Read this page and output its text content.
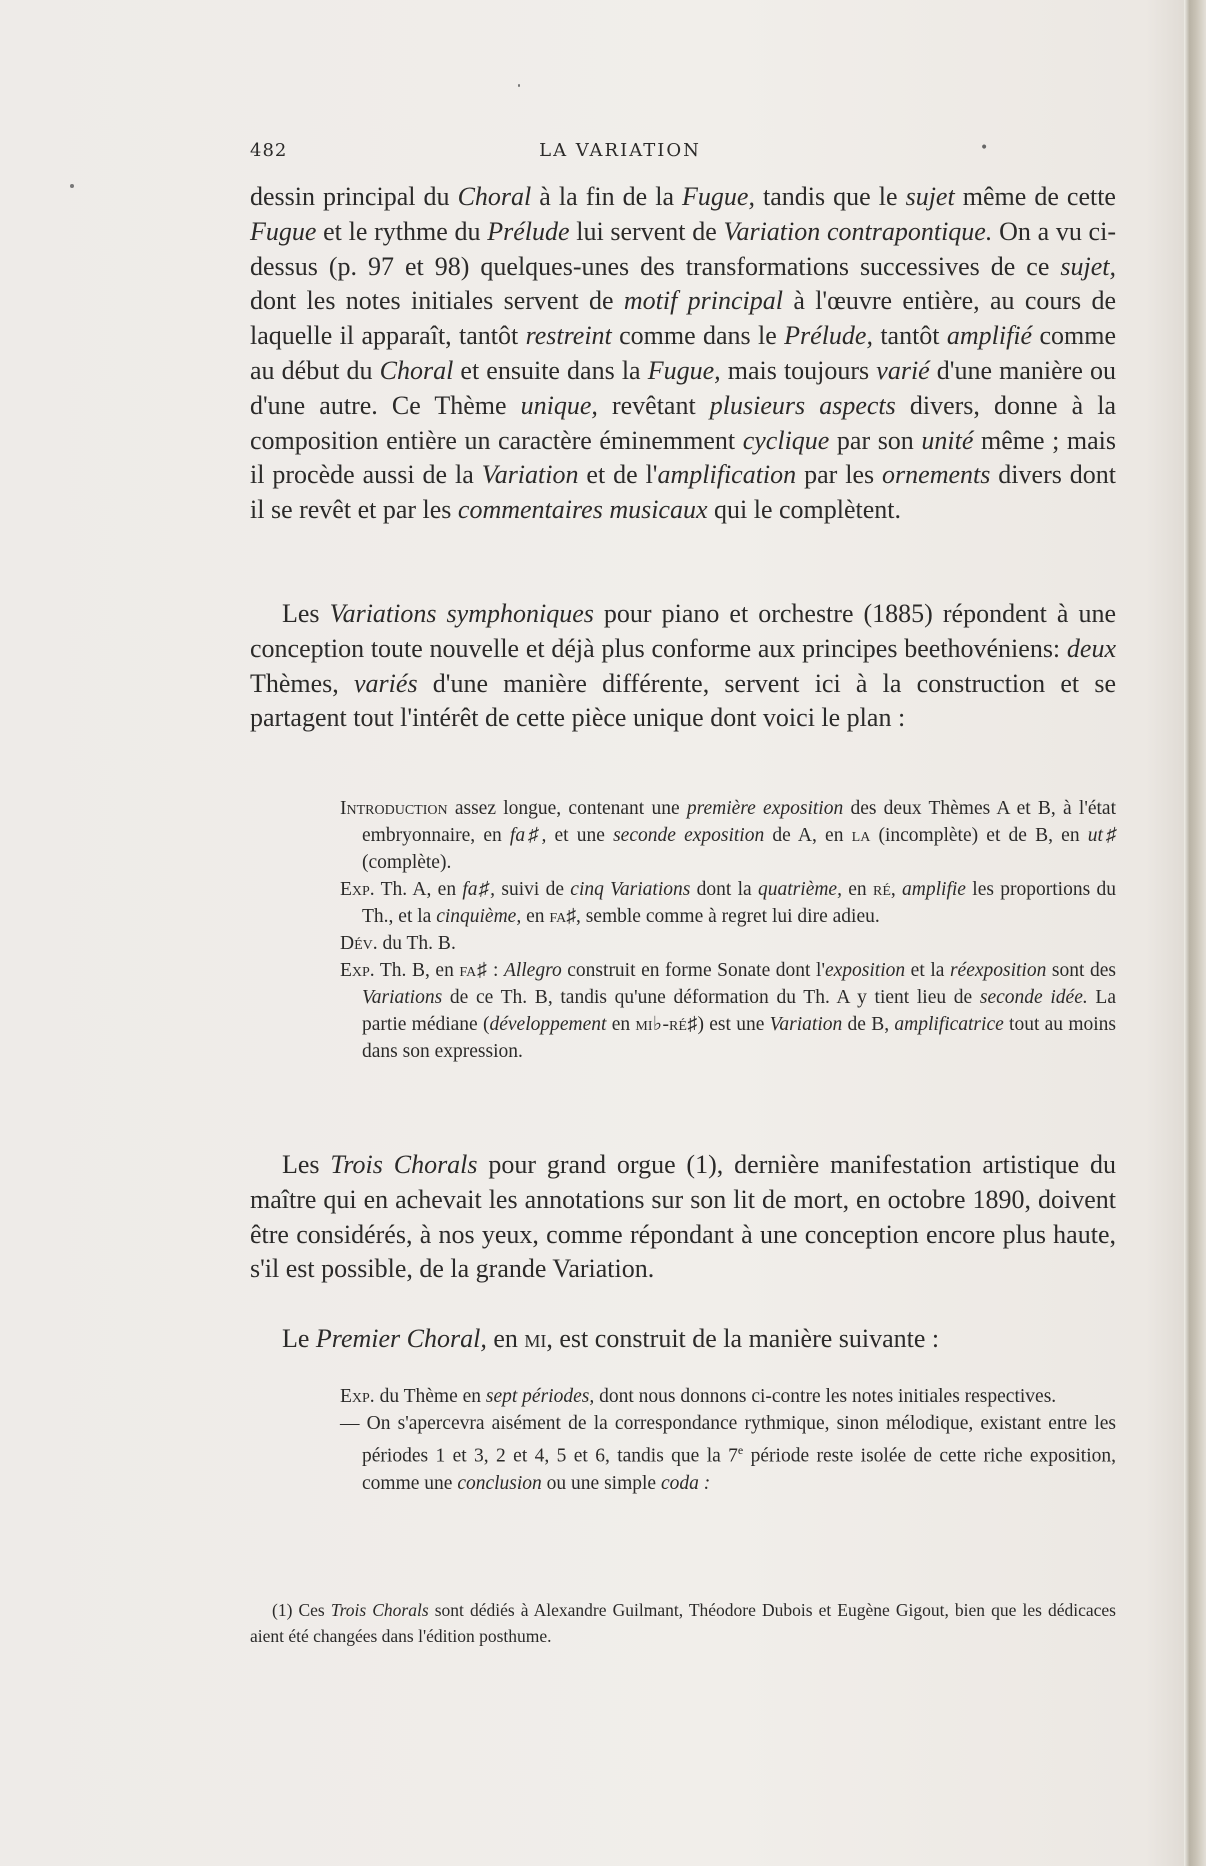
482	LA VARIATION	•

dessin principal du Choral à la fin de la Fugue, tandis que le sujet même de cette Fugue et le rythme du Prélude lui servent de Variation contrapontique. On a vu ci-dessus (p. 97 et 98) quelques-unes des transformations successives de ce sujet, dont les notes initiales servent de motif principal à l'œuvre entière, au cours de laquelle il apparaît, tantôt restreint comme dans le Prélude, tantôt amplifié comme au début du Choral et ensuite dans la Fugue, mais toujours varié d'une manière ou d'une autre. Ce Thème unique, revêtant plusieurs aspects divers, donne à la composition entière un caractère éminemment cyclique par son unité même ; mais il procède aussi de la Variation et de l'amplification par les ornements divers dont il se revêt et par les commentaires musicaux qui le complètent.

Les Variations symphoniques pour piano et orchestre (1885) répondent à une conception toute nouvelle et déjà plus conforme aux principes beethovéniens: deux Thèmes, variés d'une manière différente, servent ici à la construction et se partagent tout l'intérêt de cette pièce unique dont voici le plan :

Introduction assez longue, contenant une première exposition des deux Thèmes A et B, à l'état embryonnaire, en fa♯, et une seconde exposition de A, en la (incomplète) et de B, en ut♯ (complète).
Exp. Th. A, en fa♯, suivi de cinq Variations dont la quatrième, en ré, amplifie les proportions du Th., et la cinquième, en fa♯, semble comme à regret lui dire adieu.
Dév. du Th. B.
Exp. Th. B, en fa♯ : Allegro construit en forme Sonate dont l'exposition et la réexposition sont des Variations de ce Th. B, tandis qu'une déformation du Th. A y tient lieu de seconde idée. La partie médiane (développement en mi♭-ré♯) est une Variation de B, amplificatrice tout au moins dans son expression.

Les Trois Chorals pour grand orgue (1), dernière manifestation artistique du maître qui en achevait les annotations sur son lit de mort, en octobre 1890, doivent être considérés, à nos yeux, comme répondant à une conception encore plus haute, s'il est possible, de la grande Variation.

Le Premier Choral, en mi, est construit de la manière suivante :

Exp. du Thème en sept périodes, dont nous donnons ci-contre les notes initiales respectives.
— On s'apercevra aisément de la correspondance rythmique, sinon mélodique, existant entre les périodes 1 et 3, 2 et 4, 5 et 6, tandis que la 7e période reste isolée de cette riche exposition, comme une conclusion ou une simple coda :

(1) Ces Trois Chorals sont dédiés à Alexandre Guilmant, Théodore Dubois et Eugène Gigout, bien que les dédicaces aient été changées dans l'édition posthume.
